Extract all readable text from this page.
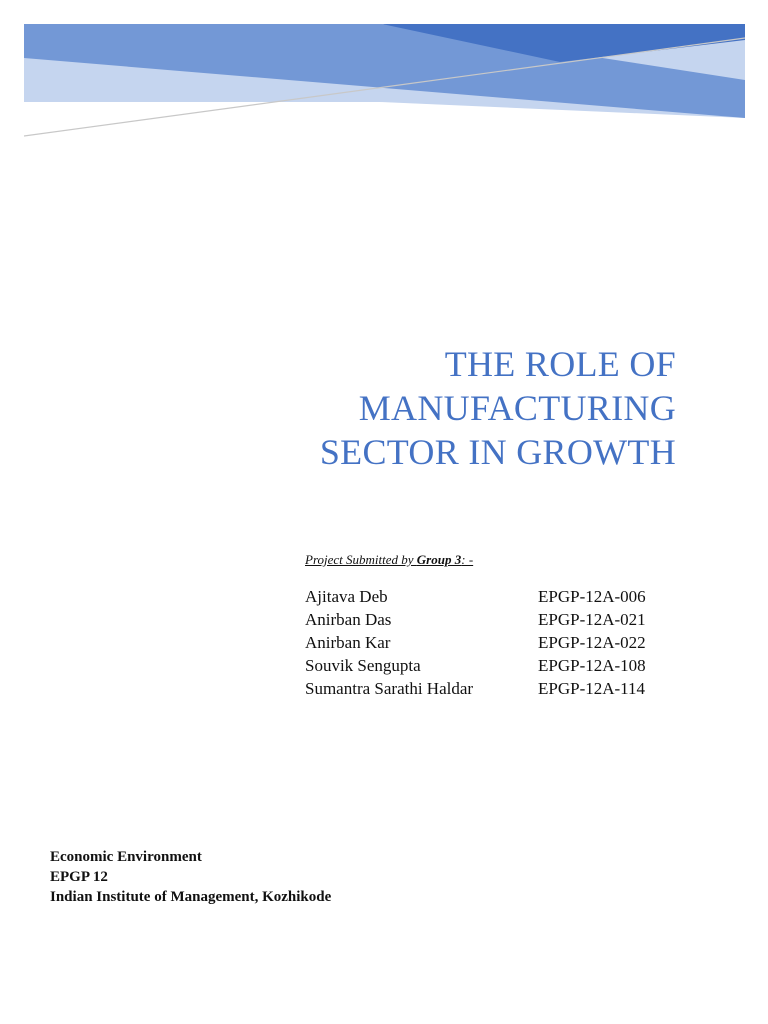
THE ROLE OF
MANUFACTURING
SECTOR IN GROWTH
Project Submitted by Group 3: -
Ajitava Deb	EPGP-12A-006
Anirban Das	EPGP-12A-021
Anirban Kar	EPGP-12A-022
Souvik Sengupta	EPGP-12A-108
Sumantra Sarathi Haldar	EPGP-12A-114
Economic Environment
EPGP 12
Indian Institute of Management, Kozhikode
